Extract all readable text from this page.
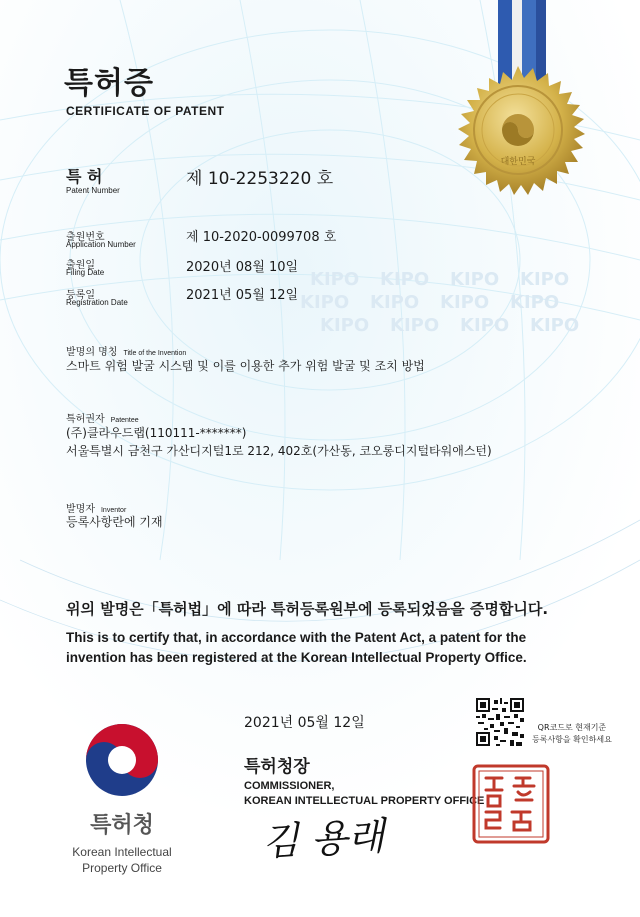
KIPO KIPO KIPO KIPO
KIPO KIPO KIPO KIPO
KIPO KIPO KIPO KIPO
대한민국
특허증
CERTIFICATE OF PATENT
특 허
Patent Number
제 10-2253220 호
출원번호
Application Number	제 10-2020-0099708 호
출원일
Filing Date	2020년 08월 10일
등록일
Registration Date	2021년 05월 12일
발명의 명칭 Title of the Invention
스마트 위험 발굴 시스템 및 이를 이용한 추가 위험 발굴 및 조치 방법
특허권자 Patentee
(주)클라우드랩(110111-*******)
서울특별시 금천구 가산디지털1로 212, 402호(가산동, 코오롱디지털타워애스턴)
발명자 Inventor
등록사항란에 기재
위의 발명은「특허법」에 따라 특허등록원부에 등록되었음을 증명합니다.
This is to certify that, in accordance with the Patent Act, a patent for the
invention has been registered at the Korean Intellectual Property Office.
특허청
Korean Intellectual
Property Office
2021년 05월 12일	QR코드로 현재기준
등록사항을 확인하세요
특허청장
COMMISSIONER,
KOREAN INTELLECTUAL PROPERTY OFFICE
김 용래
